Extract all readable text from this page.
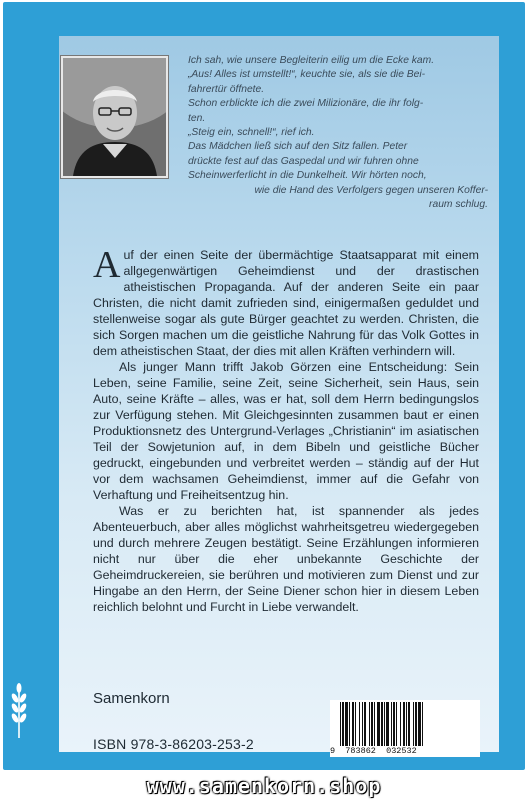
Ich sah, wie unsere Begleiterin eilig um die Ecke kam.

„Aus! Alles ist umstellt!“, keuchte sie, als sie die Bei-

fahrertür öffnete.

Schon erblickte ich die zwei Milizionäre, die ihr folg-

ten.

„Steig ein, schnell!“, rief ich.

Das Mädchen ließ sich auf den Sitz fallen. Peter

drückte fest auf das Gaspedal und wir fuhren ohne

Scheinwerferlicht in die Dunkelheit. Wir hörten noch,

wie die Hand des Verfolgers gegen unseren Koffer-

raum schlug.

Auf der einen Seite der übermächtige Staatsapparat mit einem allgegenwärtigen Geheimdienst und der drastischen atheistischen Propaganda. Auf der anderen Seite ein paar Christen, die nicht damit zufrieden sind, einigermaßen geduldet und stellenweise sogar als gute Bürger geachtet zu werden. Christen, die sich Sorgen machen um die geistliche Nahrung für das Volk Gottes in dem atheistischen Staat, der dies mit allen Kräften verhindern will.

Als junger Mann trifft Jakob Görzen eine Entscheidung: Sein Leben, seine Familie, seine Zeit, seine Sicherheit, sein Haus, sein Auto, seine Kräfte – alles, was er hat, soll dem Herrn bedingungslos zur Verfügung stehen. Mit Gleichgesinnten zusammen baut er einen Produktionsnetz des Untergrund-Verlages „Christianin“ im asiatischen Teil der Sowjetunion auf, in dem Bibeln und geistliche Bücher gedruckt, eingebunden und verbreitet werden – ständig auf der Hut vor dem wachsamen Geheimdienst, immer auf die Gefahr von Verhaftung und Freiheitsentzug hin.

Was er zu berichten hat, ist spannender als jedes Abenteuerbuch, aber alles möglichst wahrheitsgetreu wiedergegeben und durch mehrere Zeugen bestätigt. Seine Erzählungen informieren nicht nur über die eher unbekannte Geschichte der Geheimdruckereien, sie berühren und motivieren zum Dienst und zur Hingabe an den Herrn, der Seine Diener schon hier in diesem Leben reichlich belohnt und Furcht in Liebe verwandelt.

Samenkorn
ISBN 978-3-86203-253-2	9  783862  032532
www.samenkorn.shop
